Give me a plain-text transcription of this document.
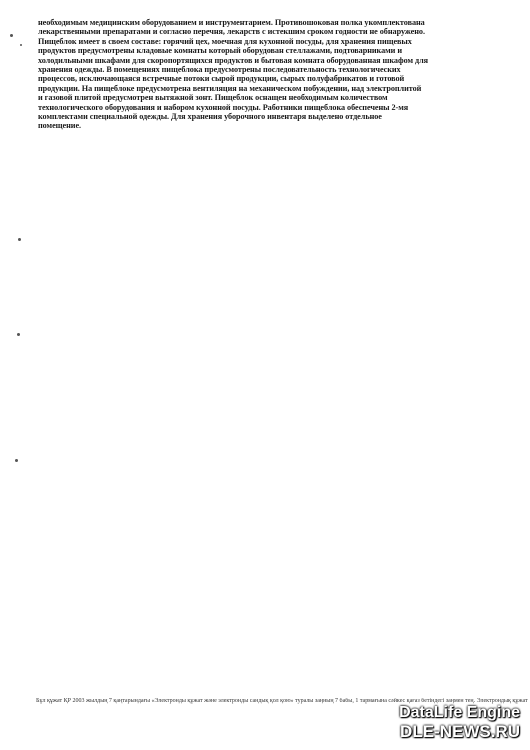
необходимым медицинским оборудованием и инструментарием. Противошоковая полка укомплектована
лекарственными препаратами и согласно перечня, лекарств с истекшим сроком годности не обнаружено.
Пищеблок имеет в своем составе: горячий цех, моечная для кухонной посуды, для хранения пищевых
продуктов предусмотрены кладовые комнаты который оборудован стеллажами, подтоварниками и
холодильными шкафами для скоропортящихся продуктов и бытовая комната оборудованная шкафом для
хранения одежды. В помещениях пищеблока предусмотрены последовательность технологических
процессов, исключающаяся встречные потоки сырой продукции, сырых полуфабрикатов и готовой
продукции. На пищеблоке предусмотрена вентиляция на механическом побуждении, над электроплитой
и газовой плитой предусмотрен вытяжной зонт. Пищеблок оснащен необходимым количеством
технологического оборудования и набором кухонной посуды. Работники пищеблока обеспечены 2-мя
комплектами специальной одежды. Для хранения уборочного инвентаря выделено отдельное
помещение.
Бұл құжат ҚР 2003 жылдың 7 қаңтарындағы «Электронды құжат және электронды сандық қол қою» туралы заңның 7 бабы, 1 тармағына сәйкес қағаз бетіндегі заңмен тең. Электрондық құжат
DataLife Engine
DLE-NEWS.RU
